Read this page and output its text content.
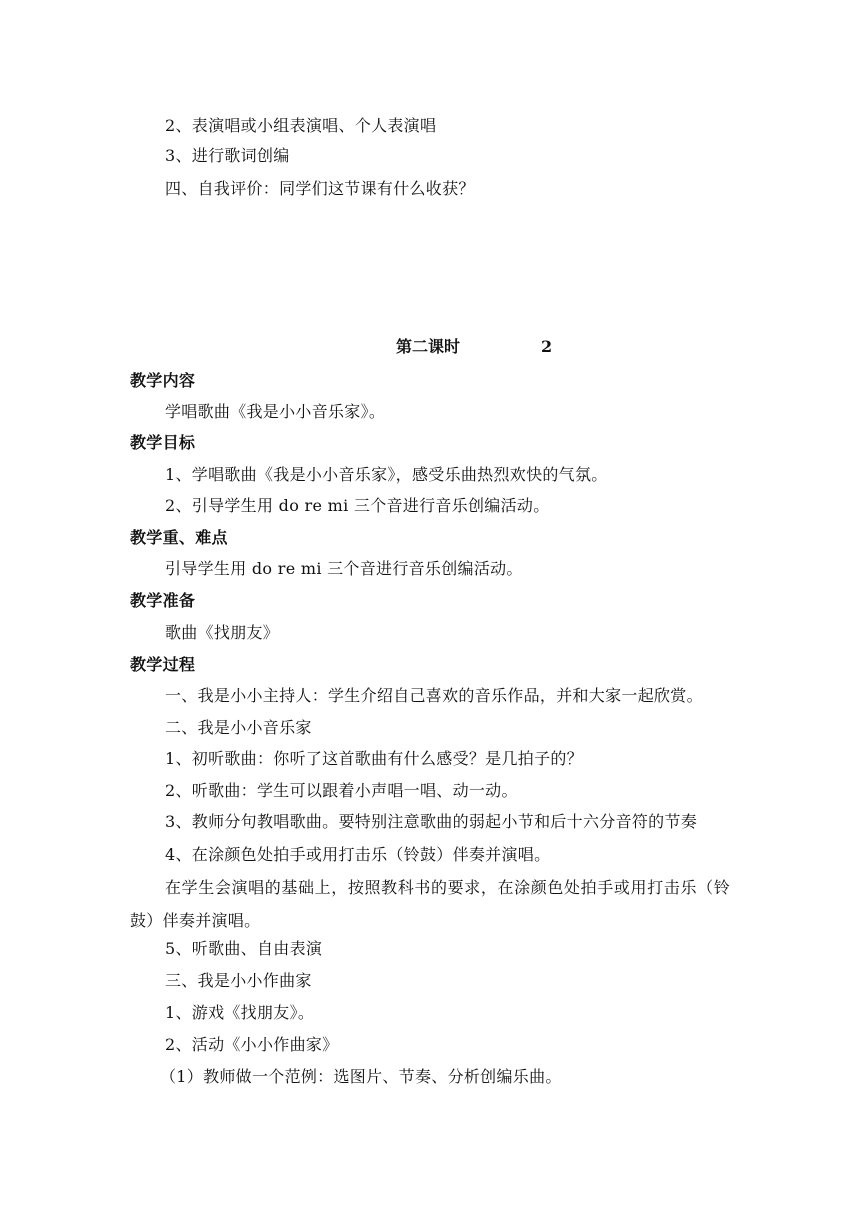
2、表演唱或小组表演唱、个人表演唱
3、进行歌词创编
四、自我评价：同学们这节课有什么收获？
第二课时	2
教学内容
学唱歌曲《我是小小音乐家》。
教学目标
1、学唱歌曲《我是小小音乐家》，感受乐曲热烈欢快的气氛。
2、引导学生用 do re mi 三个音进行音乐创编活动。
教学重、难点
引导学生用 do re mi 三个音进行音乐创编活动。
教学准备
歌曲《找朋友》
教学过程
一、我是小小主持人：学生介绍自己喜欢的音乐作品，并和大家一起欣赏。
二、我是小小音乐家
1、初听歌曲：你听了这首歌曲有什么感受？是几拍子的？
2、听歌曲：学生可以跟着小声唱一唱、动一动。
3、教师分句教唱歌曲。要特别注意歌曲的弱起小节和后十六分音符的节奏
4、在涂颜色处拍手或用打击乐（铃鼓）伴奏并演唱。
在学生会演唱的基础上，按照教科书的要求，在涂颜色处拍手或用打击乐（铃鼓）伴奏并演唱。
5、听歌曲、自由表演
三、我是小小作曲家
1、游戏《找朋友》。
2、活动《小小作曲家》
（1）教师做一个范例：选图片、节奏、分析创编乐曲。
